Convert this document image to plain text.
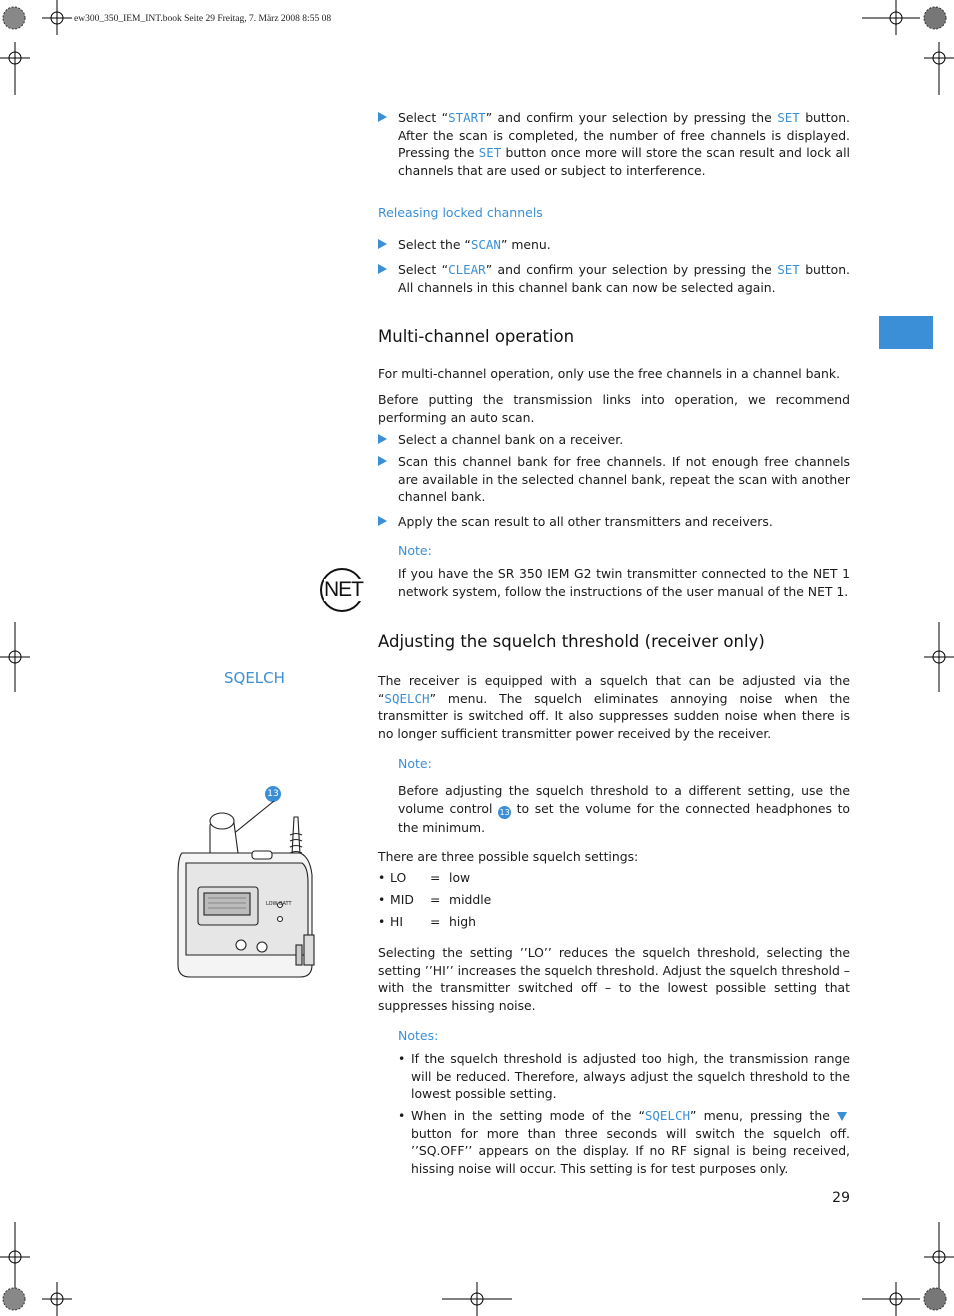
ew300_350_IEM_INT.book Seite 29 Freitag, 7. März 2008 8:55 08
Select “START” and confirm your selection by pressing the SET button. After the scan is completed, the number of free channels is displayed. Pressing the SET button once more will store the scan result and lock all channels that are used or subject to interference.
Releasing locked channels
Select the “SCAN” menu.
Select “CLEAR” and confirm your selection by pressing the SET button. All channels in this channel bank can now be selected again.
Multi-channel operation
For multi-channel operation, only use the free channels in a channel bank.
Before putting the transmission links into operation, we recommend performing an auto scan.
Select a channel bank on a receiver.
Scan this channel bank for free channels. If not enough free channels are available in the selected channel bank, repeat the scan with another channel bank.
Apply the scan result to all other transmitters and receivers.
Note:
If you have the SR 350 IEM G2 twin transmitter connected to the NET 1 network system, follow the instructions of the user manual of the NET 1.
NET
Adjusting the squelch threshold (receiver only)
SQELCH	The receiver is equipped with a squelch that can be adjusted via the “SQELCH” menu. The squelch eliminates annoying noise when the transmitter is switched off. It also suppresses sudden noise when there is no longer sufficient transmitter power received by the receiver.
Note:
Before adjusting the squelch threshold to a different setting, use the volume control 13 to set the volume for the connected headphones to the minimum.
There are three possible squelch settings:
• LO = low
• MID = middle
• HI = high
Selecting the setting ’’LO’’ reduces the squelch threshold, selecting the setting ’’HI’’ increases the squelch threshold. Adjust the squelch threshold – with the transmitter switched off – to the lowest possible setting that suppresses hissing noise.
Notes:
• If the squelch threshold is adjusted too high, the transmission range will be reduced. Therefore, always adjust the squelch threshold to the lowest possible setting.
• When in the setting mode of the “SQELCH” menu, pressing the  button for more than three seconds will switch the squelch off. ’’SQ.OFF’’ appears on the display. If no RF signal is being received, hissing noise will occur. This setting is for test purposes only.
13
LOW BATT
29
